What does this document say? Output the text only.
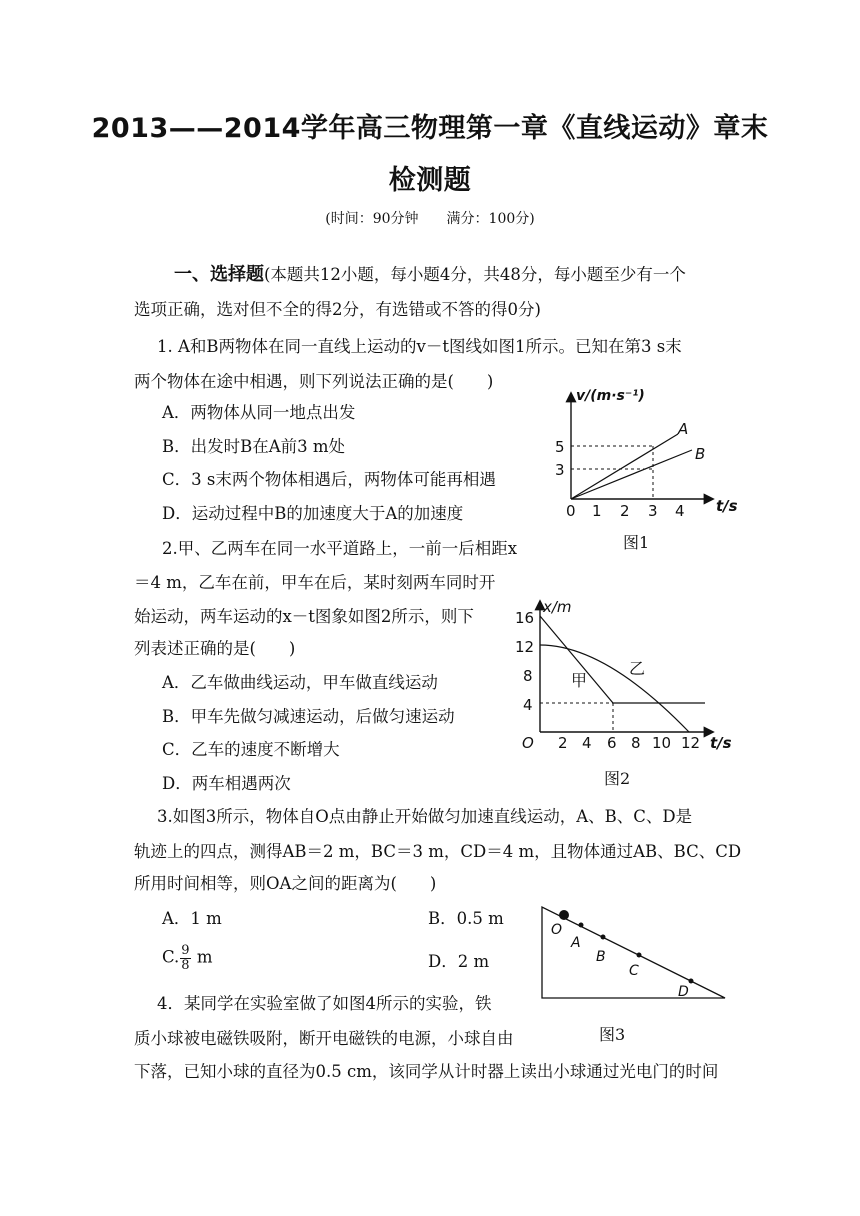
2013——2014学年高三物理第一章《直线运动》章末
检测题
(时间：90分钟　　满分：100分)
一、选择题(本题共12小题，每小题4分，共48分，每小题至少有一个
选项正确，选对但不全的得2分，有选错或不答的得0分)
1. A和B两物体在同一直线上运动的v－t图线如图1所示。已知在第3 s末
两个物体在途中相遇，则下列说法正确的是(　　)
A．两物体从同一地点出发
B．出发时B在A前3 m处
C．3 s末两个物体相遇后，两物体可能再相遇
D．运动过程中B的加速度大于A的加速度
v/(m·s⁻¹)
t/s
A
B
5
3
0 1 2 3 4
图1
2.甲、乙两车在同一水平道路上，一前一后相距x
＝4 m，乙车在前，甲车在后，某时刻两车同时开
始运动，两车运动的x－t图象如图2所示，则下
列表述正确的是(　　)
A．乙车做曲线运动，甲车做直线运动
B．甲车先做匀减速运动，后做匀速运动
C．乙车的速度不断增大
D．两车相遇两次
x/m
t/s
16
12
8
4
O 2 4 6 8 10 12
甲
乙
图2
3.如图3所示，物体自O点由静止开始做匀加速直线运动，A、B、C、D是
轨迹上的四点，测得AB＝2 m，BC＝3 m，CD＝4 m，且物体通过AB、BC、CD
所用时间相等，则OA之间的距离为(　　)
A．1 m	B．0.5 m
C. $\frac{9}{8}$ m	D．2 m
O
A
B
C
D
图3
4．某同学在实验室做了如图4所示的实验，铁
质小球被电磁铁吸附，断开电磁铁的电源，小球自由
下落，已知小球的直径为0.5 cm，该同学从计时器上读出小球通过光电门的时间
